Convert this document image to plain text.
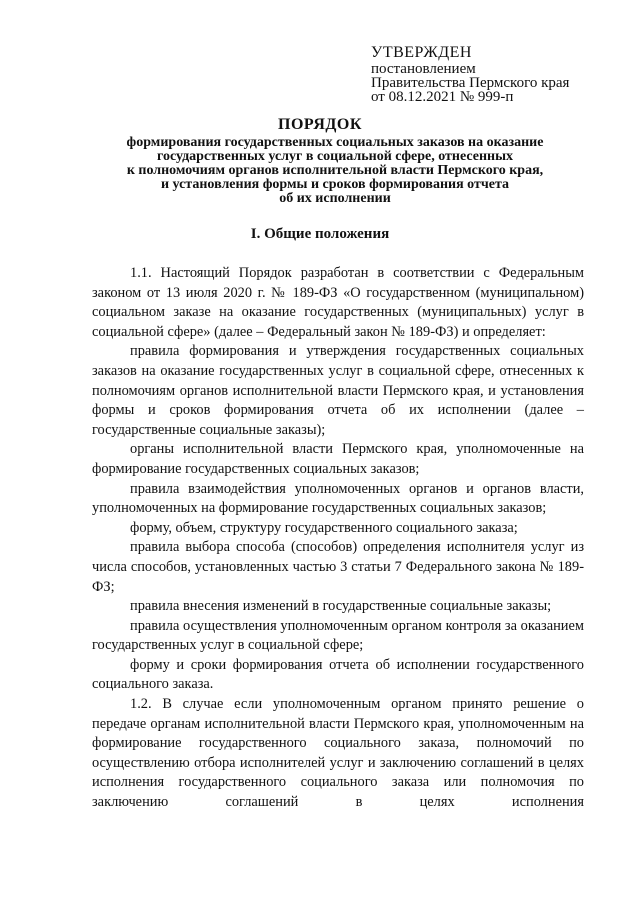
УТВЕРЖДЕН
постановлением
Правительства Пермского края
от 08.12.2021 № 999-п
ПОРЯДОК
формирования государственных социальных заказов на оказание
государственных услуг в социальной сфере, отнесенных
к полномочиям органов исполнительной власти Пермского края,
и установления формы и сроков формирования отчета
об их исполнении
I. Общие положения

1.1. Настоящий Порядок разработан в соответствии с Федеральным законом от 13 июля 2020 г. № 189-ФЗ «О государственном (муниципальном) социальном заказе на оказание государственных (муниципальных) услуг в социальной сфере» (далее – Федеральный закон № 189-ФЗ) и определяет:

правила формирования и утверждения государственных социальных заказов на оказание государственных услуг в социальной сфере, отнесенных к полномочиям органов исполнительной власти Пермского края, и установления формы и сроков формирования отчета об их исполнении (далее – государственные социальные заказы);

органы исполнительной власти Пермского края, уполномоченные на формирование государственных социальных заказов;

правила взаимодействия уполномоченных органов и органов власти, уполномоченных на формирование государственных социальных заказов;

форму, объем, структуру государственного социального заказа;

правила выбора способа (способов) определения исполнителя услуг из числа способов, установленных частью 3 статьи 7 Федерального закона № 189-ФЗ;

правила внесения изменений в государственные социальные заказы;

правила осуществления уполномоченным органом контроля за оказанием государственных услуг в социальной сфере;

форму и сроки формирования отчета об исполнении государственного социального заказа.

1.2. В случае если уполномоченным органом принято решение о передаче органам исполнительной власти Пермского края, уполномоченным на формирование государственного социального заказа, полномочий по осуществлению отбора исполнителей услуг и заключению соглашений в целях исполнения государственного социального заказа или полномочия по заключению соглашений в целях исполнения
